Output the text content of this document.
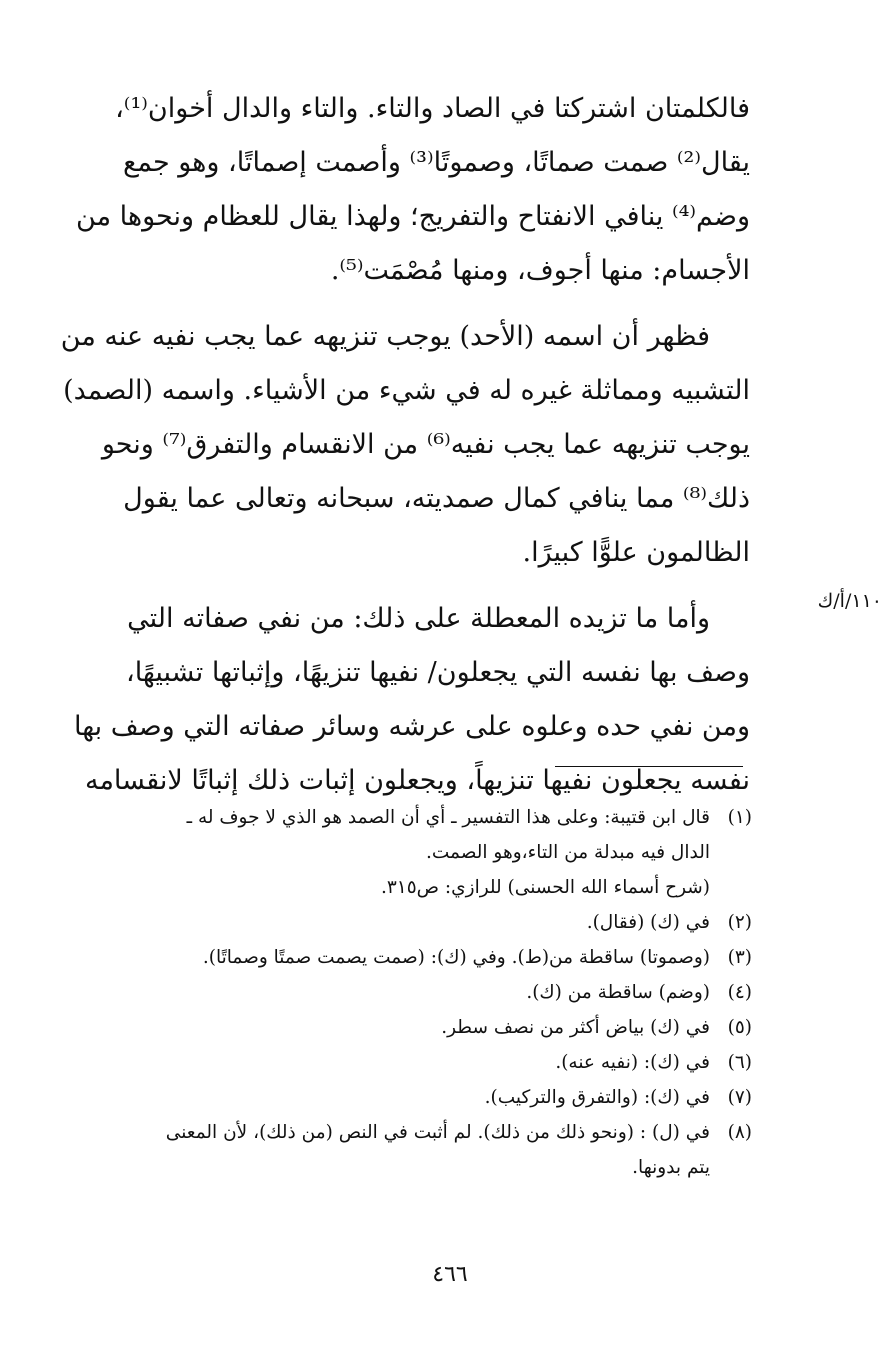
فالكلمتان اشتركتا في الصاد والتاء. والتاء والدال أخوان⁽¹⁾،

يقال⁽²⁾ صمت صماتًا، وصموتًا⁽³⁾ وأصمت إصماتًا، وهو جمع

وضم⁽⁴⁾ ينافي الانفتاح والتفريج؛ ولهذا يقال للعظام ونحوها من

الأجسام: منها أجوف، ومنها مُصْمَت⁽⁵⁾.

فظهر أن اسمه (الأحد) يوجب تنزيهه عما يجب نفيه عنه من

التشبيه ومماثلة غيره له في شيء من الأشياء. واسمه (الصمد)

يوجب تنزيهه عما يجب نفيه⁽⁶⁾ من الانقسام والتفرق⁽⁷⁾ ونحو

ذلك⁽⁸⁾ مما ينافي كمال صمديته، سبحانه وتعالى عما يقول

الظالمون علوًّا كبيرًا.

وأما ما تزيده المعطلة على ذلك: من نفي صفاته التي

وصف بها نفسه التي يجعلون/ نفيها تنزيهًا، وإثباتها تشبيهًا،

ومن نفي حده وعلوه على عرشه وسائر صفاته التي وصف بها

نفسه يجعلون نفيها تنزيهاً، ويجعلون إثبات ذلك إثباتًا لانقسامه

١١٠/أ/ك
(١)

قال ابن قتيبة: وعلى هذا التفسير ـ أي أن الصمد هو الذي لا جوف له ـ

الدال فيه مبدلة من التاء،وهو الصمت.

(شرح أسماء الله الحسنى) للرازي: ص٣١٥.

(٢)

في (ك) (فقال).

(٣)

(وصموتا) ساقطة من(ط). وفي (ك): (صمت يصمت صمتًا وصماتًا).

(٤)

(وضم) ساقطة من (ك).

(٥)

في (ك) بياض أكثر من نصف سطر.

(٦)

في (ك): (نفيه عنه).

(٧)

في (ك): (والتفرق والتركيب).

(٨)

في (ل) : (ونحو ذلك من ذلك). لم أثبت في النص (من ذلك)، لأن المعنى

يتم بدونها.

٤٦٦
